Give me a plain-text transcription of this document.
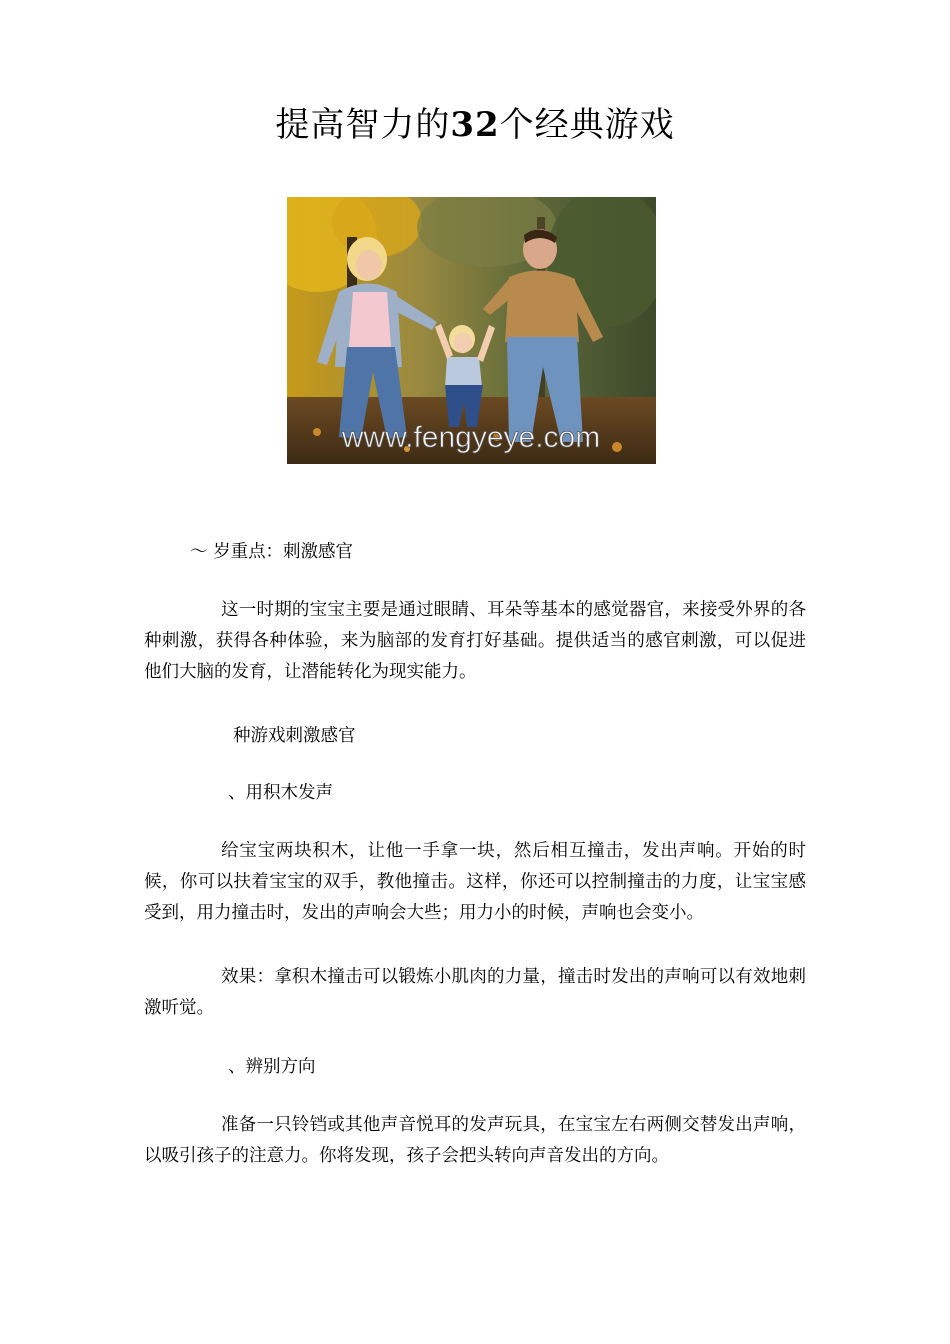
提高智力的32个经典游戏
www.fengyeye.com

～ 岁重点：刺激感官

这一时期的宝宝主要是通过眼睛、耳朵等基本的感觉器官，来接受外界的各种刺激，获得各种体验，来为脑部的发育打好基础。提供适当的感官刺激，可以促进他们大脑的发育，让潜能转化为现实能力。

种游戏刺激感官

、用积木发声

给宝宝两块积木，让他一手拿一块，然后相互撞击，发出声响。开始的时候，你可以扶着宝宝的双手，教他撞击。这样，你还可以控制撞击的力度，让宝宝感受到，用力撞击时，发出的声响会大些；用力小的时候，声响也会变小。

效果：拿积木撞击可以锻炼小肌肉的力量，撞击时发出的声响可以有效地刺激听觉。

、辨别方向

准备一只铃铛或其他声音悦耳的发声玩具，在宝宝左右两侧交替发出声响，以吸引孩子的注意力。你将发现，孩子会把头转向声音发出的方向。
